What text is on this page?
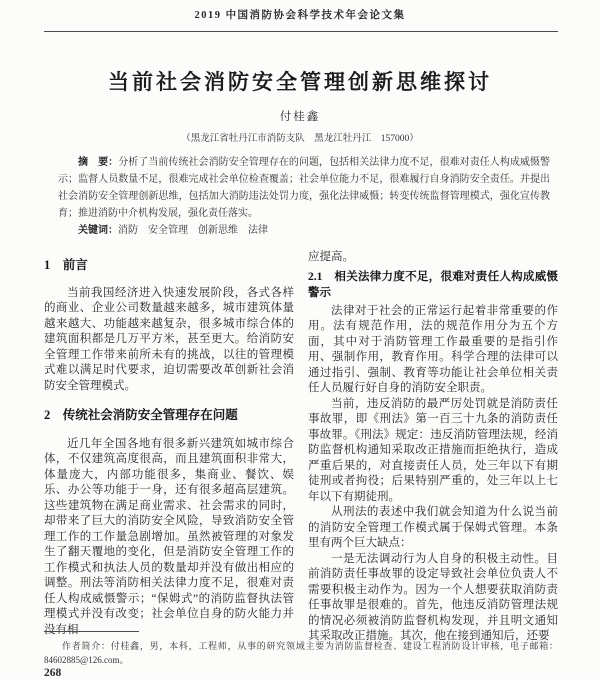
2019 中国消防协会科学技术年会论文集
当前社会消防安全管理创新思维探讨
付桂鑫
（黑龙江省牡丹江市消防支队　黑龙江牡丹江　157000）

摘　要：分析了当前传统社会消防安全管理存在的问题，包括相关法律力度不足，很难对责任人构成威慑警示；监督人员数量不足，很难完成社会单位检查覆盖；社会单位能力不足，很难履行自身消防安全责任。并提出社会消防安全管理创新思维，包括加大消防违法处罚力度，强化法律威慑；转变传统监督管理模式，强化宣传教育；推进消防中介机构发展，强化责任落实。

关键词：消防　安全管理　创新思维　法律

1　前言

当前我国经济进入快速发展阶段，各式各样的商业、企业公司数量越来越多，城市建筑体量越来越大、功能越来越复杂，很多城市综合体的建筑面积都是几万平方米，甚至更大。给消防安全管理工作带来前所未有的挑战，以往的管理模式难以满足时代要求，迫切需要改革创新社会消防安全管理模式。

2　传统社会消防安全管理存在问题

近几年全国各地有很多新兴建筑如城市综合体，不仅建筑高度很高，而且建筑面积非常大，体量庞大，内部功能很多，集商业、餐饮、娱乐、办公等功能于一身，还有很多超高层建筑。这些建筑物在满足商业需求、社会需求的同时，却带来了巨大的消防安全风险，导致消防安全管理工作的工作量急剧增加。虽然被管理的对象发生了翻天覆地的变化，但是消防安全管理工作的工作模式和执法人员的数量却并没有做出相应的调整。刑法等消防相关法律力度不足，很难对责任人构成威慑警示；“保姆式”的消防监督执法管理模式并没有改变；社会单位自身的防火能力并没有相

应提高。

2.1　相关法律力度不足，很难对责任人构成威慑警示

法律对于社会的正常运行起着非常重要的作用。法有规范作用，法的规范作用分为五个方面，其中对于消防管理工作最重要的是指引作用、强制作用，教育作用。科学合理的法律可以通过指引、强制、教育等功能让社会单位相关责任人员履行好自身的消防安全职责。

当前，违反消防的最严厉处罚就是消防责任事故罪，即《刑法》第一百三十九条的消防责任事故罪。《刑法》规定：违反消防管理法规，经消防监督机构通知采取改正措施而拒绝执行，造成严重后果的，对直接责任人员，处三年以下有期徒刑或者拘役；后果特别严重的，处三年以上七年以下有期徒刑。

从刑法的表述中我们就会知道为什么说当前的消防安全管理工作模式属于保姆式管理。本条里有两个巨大缺点：

一是无法调动行为人自身的积极主动性。目前消防责任事故罪的设定导致社会单位负责人不需要积极主动作为。因为一个人想要获取消防责任事故罪是很难的。首先，他违反消防管理法规的情况必须被消防监督机构发现，并且明文通知其采取改正措施。其次，他在接到通知后，还要

作者简介：付桂鑫，男，本科，工程师，从事的研究领域主要为消防监督检查、建设工程消防设计审核，电子邮箱：84602885@126.com。
268
